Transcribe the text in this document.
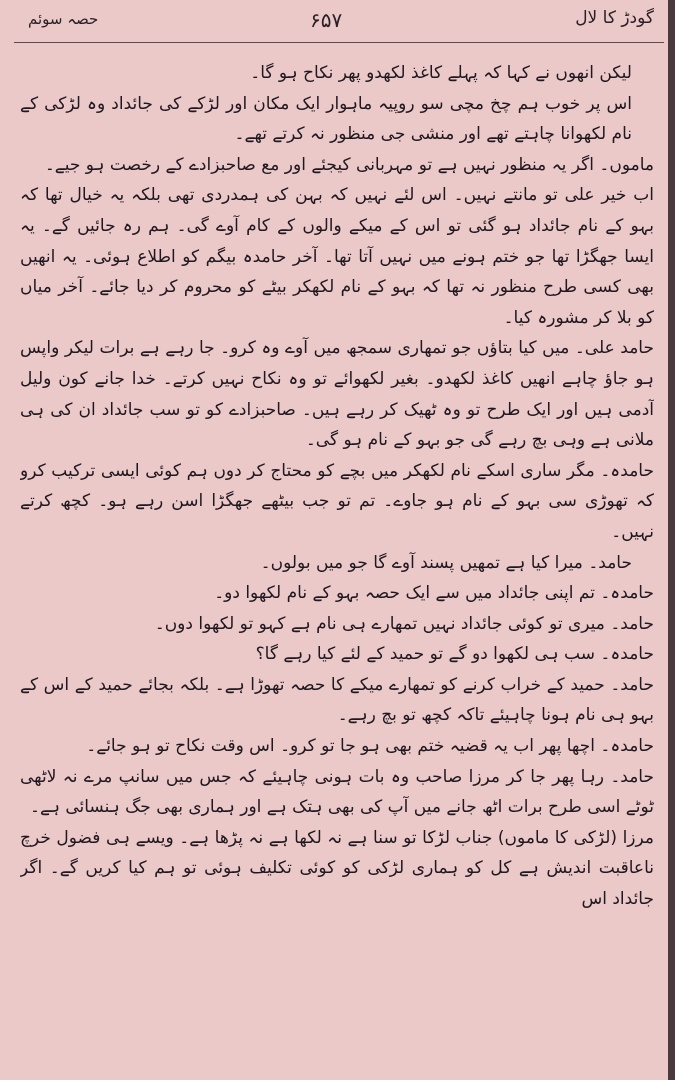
حصہ سوئم	۶۵۷	گودڑ کا لال

لیکن انھوں نے کہا کہ پہلے کاغذ لکھدو پھر نکاح ہو گا۔

اس پر خوب ہم چخ مچی سو روپیہ ماہوار ایک مکان اور لڑکے کی جائداد وہ لڑکی کے نام لکھوانا چاہتے تھے اور منشی جی منظور نہ کرتے تھے۔

ماموں۔ اگر یہ منظور نہیں ہے تو مہربانی کیجئے اور مع صاحبزادے کے رخصت ہو جیے۔

اب خیر علی تو مانتے نہیں۔ اس لئے نہیں کہ بہن کی ہمدردی تھی بلکہ یہ خیال تھا کہ بہو کے نام جائداد ہو گئی تو اس کے میکے والوں کے کام آوے گی۔ ہم رہ جائیں گے۔ یہ ایسا جھگڑا تھا جو ختم ہونے میں نہیں آتا تھا۔ آخر حامدہ بیگم کو اطلاع ہوئی۔ یہ انھیں بھی کسی طرح منظور نہ تھا کہ بہو کے نام لکھکر بیٹے کو محروم کر دیا جائے۔ آخر میاں کو بلا کر مشورہ کیا۔

حامد علی۔ میں کیا بتاؤں جو تمھاری سمجھ میں آوے وہ کرو۔ جا رہے ہے برات لیکر واپس ہو جاؤ چاہے انھیں کاغذ لکھدو۔ بغیر لکھوائے تو وہ نکاح نہیں کرتے۔ خدا جانے کون ولیل آدمی ہیں اور ایک طرح تو وہ ٹھیک کر رہے ہیں۔ صاحبزادے کو تو سب جائداد ان کی ہی ملانی ہے وہی بچ رہے گی جو بہو کے نام ہو گی۔

حامدہ۔ مگر ساری اسکے نام لکھکر میں بچے کو محتاج کر دوں ہم کوئی ایسی ترکیب کرو کہ تھوڑی سی بہو کے نام ہو جاوے۔ تم تو جب بیٹھے جھگڑا اسن رہے ہو۔ کچھ کرتے نہیں۔

حامد۔ میرا کیا ہے تمھیں پسند آوے گا جو میں بولوں۔

حامدہ۔ تم اپنی جائداد میں سے ایک حصہ بہو کے نام لکھوا دو۔

حامد۔ میری تو کوئی جائداد نہیں تمھارے ہی نام ہے کہو تو لکھوا دوں۔

حامدہ۔ سب ہی لکھوا دو گے تو حمید کے لئے کیا رہے گا؟

حامد۔ حمید کے خراب کرنے کو تمھارے میکے کا حصہ تھوڑا ہے۔ بلکہ بجائے حمید کے اس کے بہو ہی نام ہونا چاہیئے تاکہ کچھ تو بچ رہے۔

حامدہ۔ اچھا پھر اب یہ قضیہ ختم بھی ہو جا تو کرو۔ اس وقت نکاح تو ہو جائے۔

حامد۔ رہا پھر جا کر مرزا صاحب وہ بات ہونی چاہیئے کہ جس میں سانپ مرے نہ لاٹھی ٹوٹے اسی طرح برات اٹھ جانے میں آپ کی بھی ہتک ہے اور ہماری بھی جگ ہنسائی ہے۔

مرزا (لڑکی کا ماموں) جناب لڑکا تو سنا ہے نہ لکھا ہے نہ پڑھا ہے۔ ویسے ہی فضول خرچ ناعاقبت اندیش ہے کل کو ہماری لڑکی کو کوئی تکلیف ہوئی تو ہم کیا کریں گے۔ اگر جائداد اس
